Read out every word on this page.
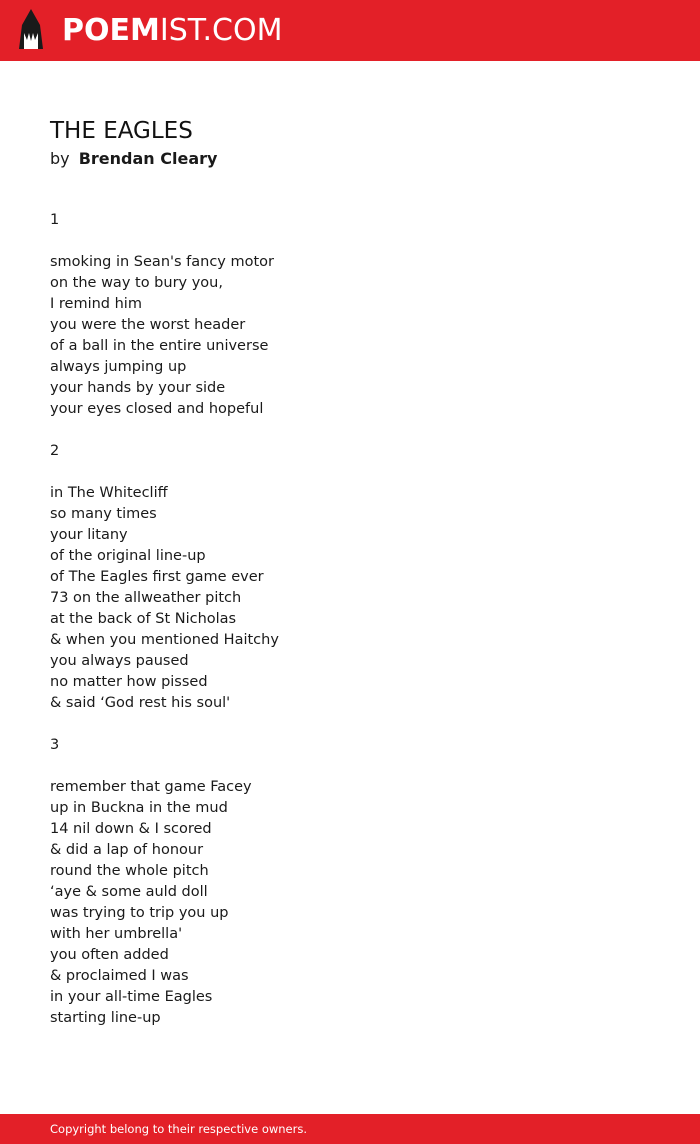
POEMIST.COM
THE EAGLES
by Brendan Cleary
1
smoking in Sean's fancy motor
on the way to bury you,
I remind him
you were the worst header
of a ball in the entire universe
always jumping up
your hands by your side
your eyes closed and hopeful
2
in The Whitecliff
so many times
your litany
of the original line-up
of The Eagles first game ever
73 on the allweather pitch
at the back of St Nicholas
& when you mentioned Haitchy
you always paused
no matter how pissed
& said ‘God rest his soul'
3
remember that game Facey
up in Buckna in the mud
14 nil down & I scored
& did a lap of honour
round the whole pitch
‘aye & some auld doll
was trying to trip you up
with her umbrella'
you often added
& proclaimed I was
in your all-time Eagles
starting line-up
Copyright belong to their respective owners.
